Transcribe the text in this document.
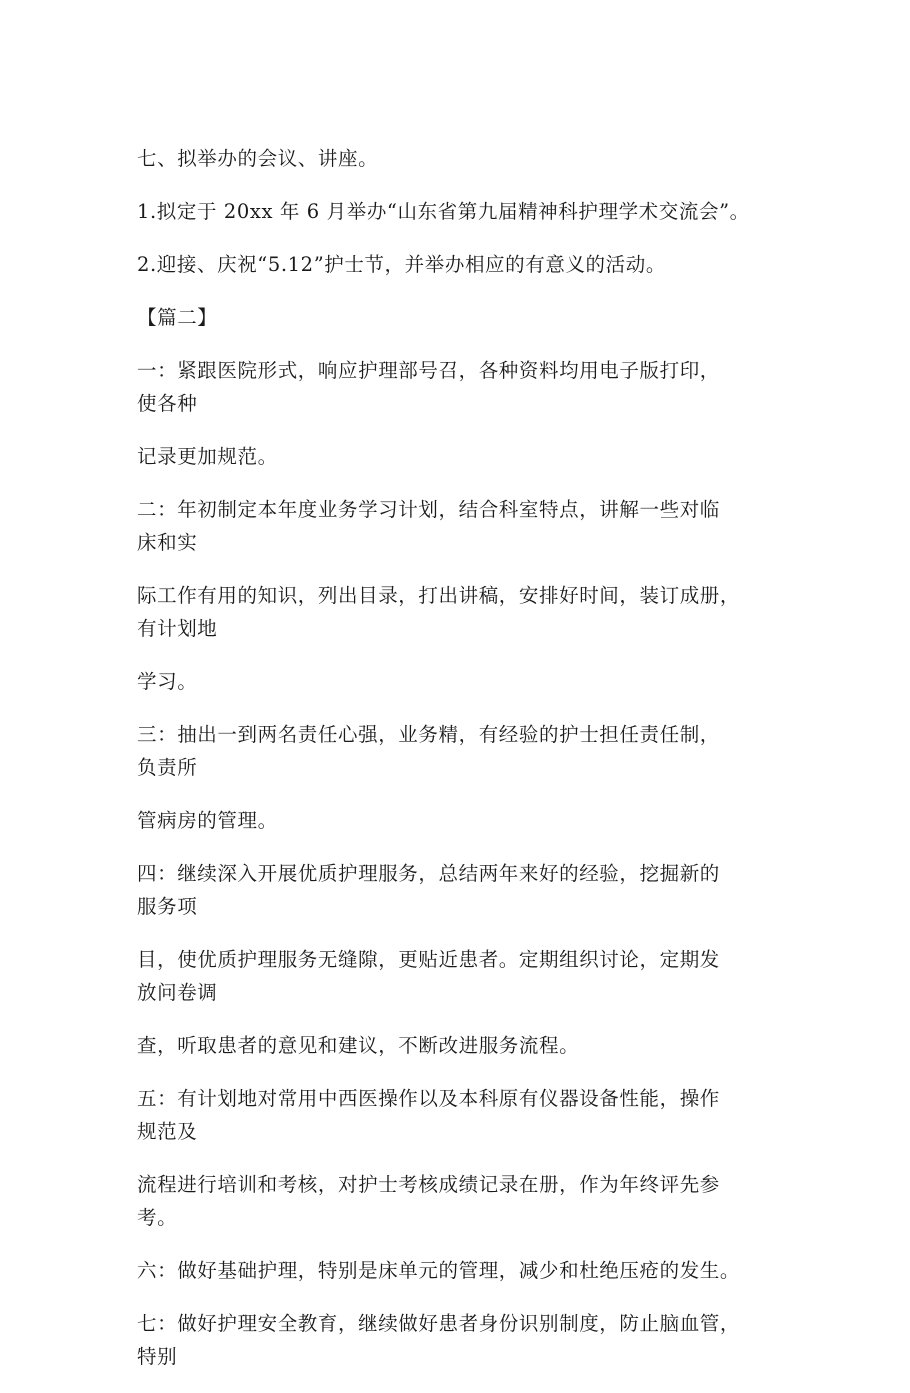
七、拟举办的会议、讲座。

1.拟定于 20xx 年 6 月举办“山东省第九届精神科护理学术交流会”。

2.迎接、庆祝“5.12”护士节，并举办相应的有意义的活动。

【篇二】

一：紧跟医院形式，响应护理部号召，各种资料均用电子版打印，
使各种

记录更加规范。

二：年初制定本年度业务学习计划，结合科室特点，讲解一些对临
床和实

际工作有用的知识，列出目录，打出讲稿，安排好时间，装订成册，
有计划地

学习。

三：抽出一到两名责任心强，业务精，有经验的护士担任责任制，
负责所

管病房的管理。

四：继续深入开展优质护理服务，总结两年来好的经验，挖掘新的
服务项

目，使优质护理服务无缝隙，更贴近患者。定期组织讨论，定期发
放问卷调

查，听取患者的意见和建议，不断改进服务流程。

五：有计划地对常用中西医操作以及本科原有仪器设备性能，操作
规范及

流程进行培训和考核，对护士考核成绩记录在册，作为年终评先参
考。

六：做好基础护理，特别是床单元的管理，减少和杜绝压疮的发生。

七：做好护理安全教育，继续做好患者身份识别制度，防止脑血管，
特别
